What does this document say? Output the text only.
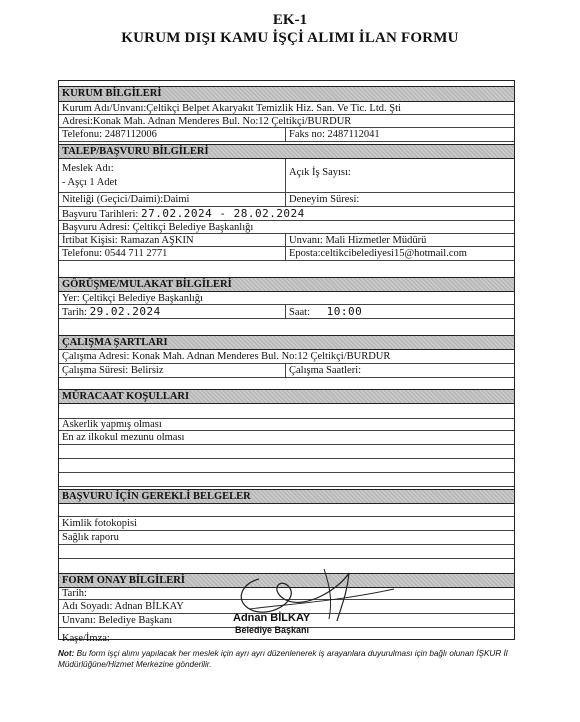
EK-1
KURUM DIŞI KAMU İŞÇİ ALIMI İLAN FORMU
KURUM BİLGİLERİ
Kurum Adı/Unvanı:Çeltikçi Belpet Akaryakıt Temizlik Hiz. San. Ve Tic. Ltd. Şti
Adresi:Konak Mah. Adnan Menderes Bul. No:12 Çeltikçi/BURDUR
Telefonu: 2487112006	Faks no: 2487112041
TALEP/BAŞVURU BİLGİLERİ
Meslek Adı:
- Aşçı 1 Adet
Açık İş Sayısı:
Niteliği (Geçici/Daimi):Daimi	Deneyim Süresi:
Başvuru Tarihleri: 27.02.2024 - 28.02.2024
Başvuru Adresi: Çeltikçi Belediye Başkanlığı
İrtibat Kişisi: Ramazan AŞKIN	Unvanı: Mali Hizmetler Müdürü
Telefonu: 0544 711 2771	Eposta:celtikcibelediyesi15@hotmail.com
GÖRÜŞME/MULAKAT BİLGİLERİ
Yer: Çeltikçi Belediye Başkanlığı
Tarih: 29.02.2024	Saat: 10:00
ÇALIŞMA ŞARTLARI
Çalışma Adresi: Konak Mah. Adnan Menderes Bul. No:12 Çeltikçi/BURDUR
Çalışma Süresi: Belirsiz	Çalışma Saatleri:
MÜRACAAT KOŞULLARI
Askerlik yapmış olması
En az ilkokul mezunu olması
BAŞVURU İÇİN GEREKLİ BELGELER
Kimlik fotokopisi
Sağlık raporu
FORM ONAY BİLGİLERİ
Tarih:
Adı Soyadı: Adnan BİLKAY
Unvanı: Belediye Başkanı
Kaşe/İmza:
Adnan BİLKAY
Belediye Başkanı
Not: Bu form işçi alımı yapılacak her meslek için ayrı ayrı düzenlenerek iş arayanlara duyurulması için bağlı olunan İŞKUR İl Müdürlüğüne/Hizmet Merkezine gönderilir.
